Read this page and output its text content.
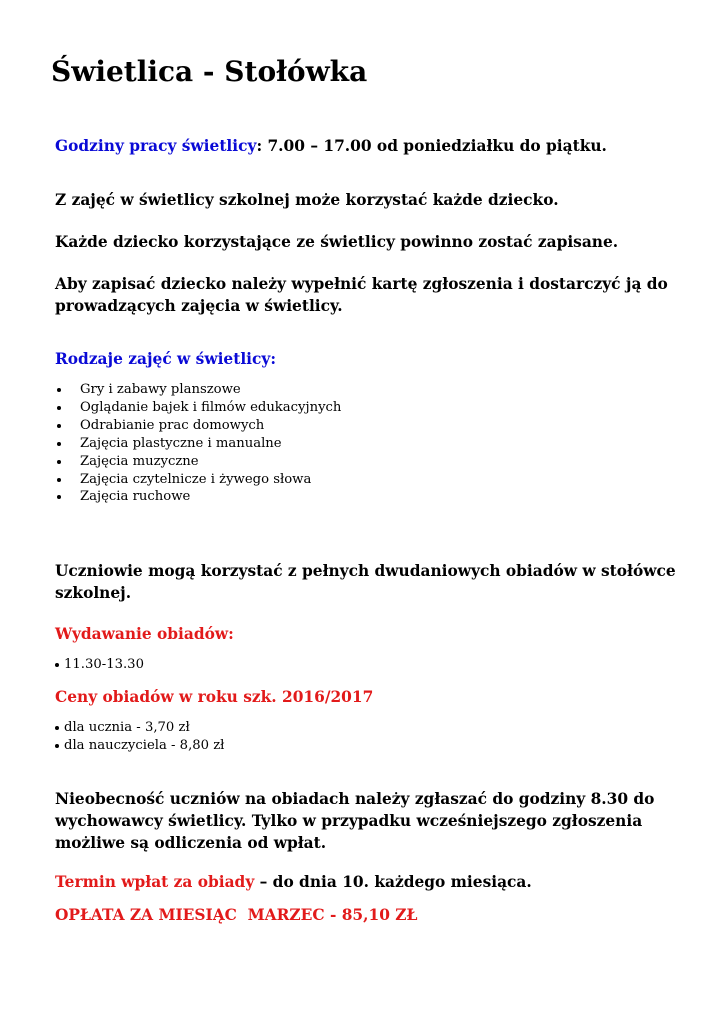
Świetlica - Stołówka

Godziny pracy świetlicy: 7.00 – 17.00 od poniedziałku do piątku.

Z zajęć w świetlicy szkolnej może korzystać każde dziecko.

Każde dziecko korzystające ze świetlicy powinno zostać zapisane.

Aby zapisać dziecko należy wypełnić kartę zgłoszenia i dostarczyć ją do prowadzących zajęcia w świetlicy.

Rodzaje zajęć w świetlicy:

Gry i zabawy planszowe
Oglądanie bajek i filmów edukacyjnych
Odrabianie prac domowych
Zajęcia plastyczne i manualne
Zajęcia muzyczne
Zajęcia czytelnicze i żywego słowa
Zajęcia ruchowe

Uczniowie mogą korzystać z pełnych dwudaniowych obiadów w stołówce szkolnej.

Wydawanie obiadów:

11.30-13.30

Ceny obiadów w roku szk. 2016/2017

dla ucznia - 3,70 zł
dla nauczyciela - 8,80 zł

Nieobecność uczniów na obiadach należy zgłaszać do godziny 8.30 do wychowawcy świetlicy. Tylko w przypadku wcześniejszego zgłoszenia możliwe są odliczenia od wpłat.

Termin wpłat za obiady – do dnia 10. każdego miesiąca.

OPŁATA ZA MIESIĄC  MARZEC - 85,10 ZŁ
